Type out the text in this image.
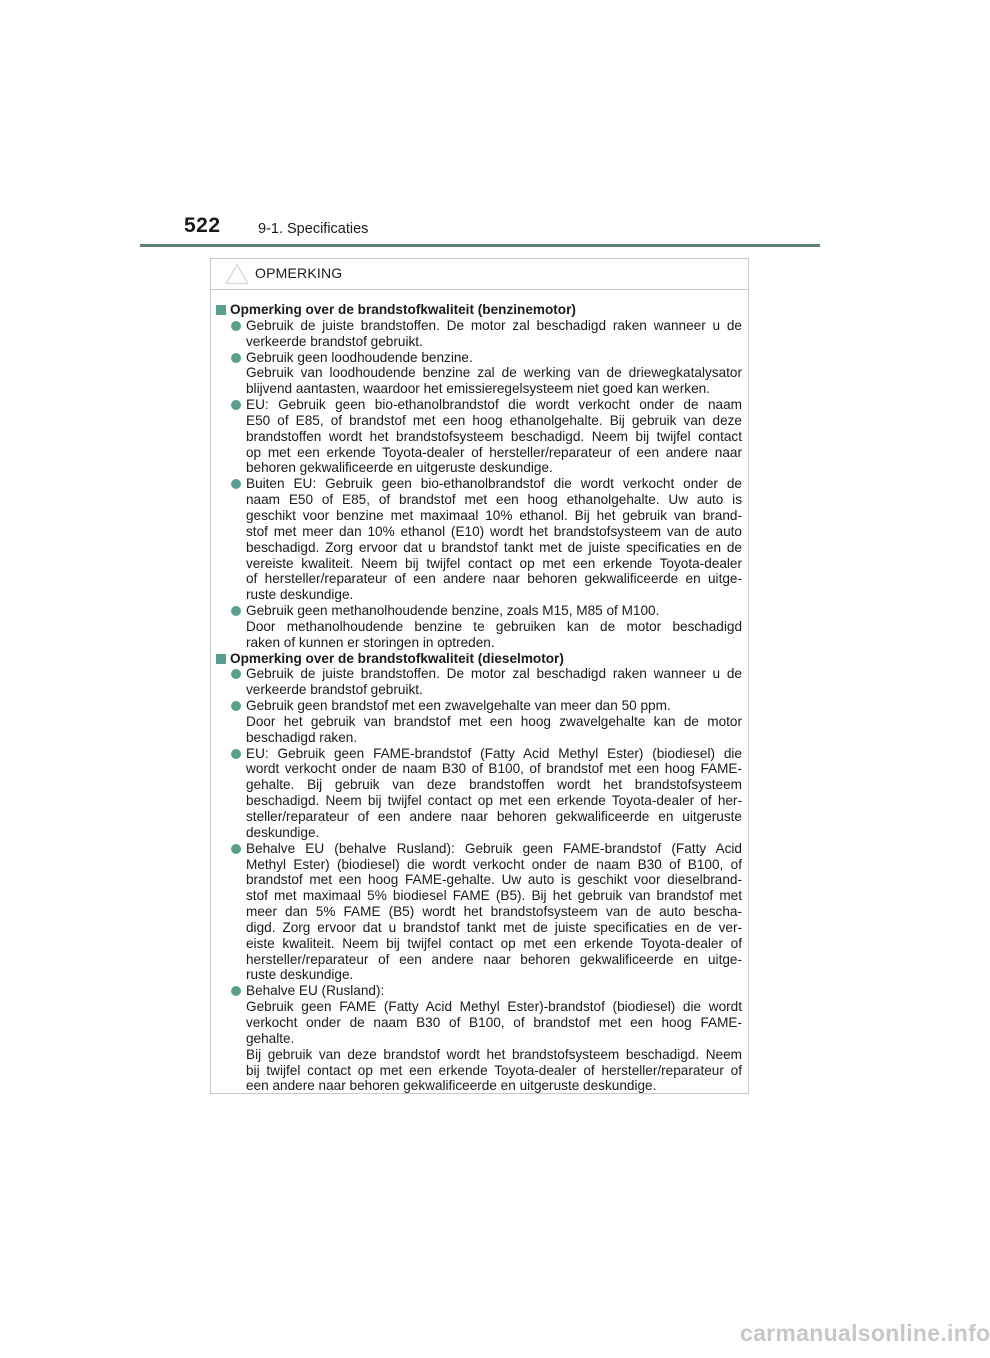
522	9-1. Specificaties
OPMERKING
Opmerking over de brandstofkwaliteit (benzinemotor)
Gebruik de juiste brandstoffen. De motor zal beschadigd raken wanneer u de
verkeerde brandstof gebruikt.
Gebruik geen loodhoudende benzine.
Gebruik van loodhoudende benzine zal de werking van de driewegkatalysator
blijvend aantasten, waardoor het emissieregelsysteem niet goed kan werken.
EU: Gebruik geen bio-ethanolbrandstof die wordt verkocht onder de naam
E50 of E85, of brandstof met een hoog ethanolgehalte. Bij gebruik van deze
brandstoffen wordt het brandstofsysteem beschadigd. Neem bij twijfel contact
op met een erkende Toyota-dealer of hersteller/reparateur of een andere naar
behoren gekwalificeerde en uitgeruste deskundige.
Buiten EU: Gebruik geen bio-ethanolbrandstof die wordt verkocht onder de
naam E50 of E85, of brandstof met een hoog ethanolgehalte. Uw auto is
geschikt voor benzine met maximaal 10% ethanol. Bij het gebruik van brand-
stof met meer dan 10% ethanol (E10) wordt het brandstofsysteem van de auto
beschadigd. Zorg ervoor dat u brandstof tankt met de juiste specificaties en de
vereiste kwaliteit. Neem bij twijfel contact op met een erkende Toyota-dealer
of hersteller/reparateur of een andere naar behoren gekwalificeerde en uitge-
ruste deskundige.
Gebruik geen methanolhoudende benzine, zoals M15, M85 of M100.
Door methanolhoudende benzine te gebruiken kan de motor beschadigd
raken of kunnen er storingen in optreden.
Opmerking over de brandstofkwaliteit (dieselmotor)
Gebruik de juiste brandstoffen. De motor zal beschadigd raken wanneer u de
verkeerde brandstof gebruikt.
Gebruik geen brandstof met een zwavelgehalte van meer dan 50 ppm.
Door het gebruik van brandstof met een hoog zwavelgehalte kan de motor
beschadigd raken.
EU: Gebruik geen FAME-brandstof (Fatty Acid Methyl Ester) (biodiesel) die
wordt verkocht onder de naam B30 of B100, of brandstof met een hoog FAME-
gehalte. Bij gebruik van deze brandstoffen wordt het brandstofsysteem
beschadigd. Neem bij twijfel contact op met een erkende Toyota-dealer of her-
steller/reparateur of een andere naar behoren gekwalificeerde en uitgeruste
deskundige.
Behalve EU (behalve Rusland): Gebruik geen FAME-brandstof (Fatty Acid
Methyl Ester) (biodiesel) die wordt verkocht onder de naam B30 of B100, of
brandstof met een hoog FAME-gehalte. Uw auto is geschikt voor dieselbrand-
stof met maximaal 5% biodiesel FAME (B5). Bij het gebruik van brandstof met
meer dan 5% FAME (B5) wordt het brandstofsysteem van de auto bescha-
digd. Zorg ervoor dat u brandstof tankt met de juiste specificaties en de ver-
eiste kwaliteit. Neem bij twijfel contact op met een erkende Toyota-dealer of
hersteller/reparateur of een andere naar behoren gekwalificeerde en uitge-
ruste deskundige.
Behalve EU (Rusland):
Gebruik geen FAME (Fatty Acid Methyl Ester)-brandstof (biodiesel) die wordt
verkocht onder de naam B30 of B100, of brandstof met een hoog FAME-
gehalte.
Bij gebruik van deze brandstof wordt het brandstofsysteem beschadigd. Neem
bij twijfel contact op met een erkende Toyota-dealer of hersteller/reparateur of
een andere naar behoren gekwalificeerde en uitgeruste deskundige.
carmanualsonline.info
